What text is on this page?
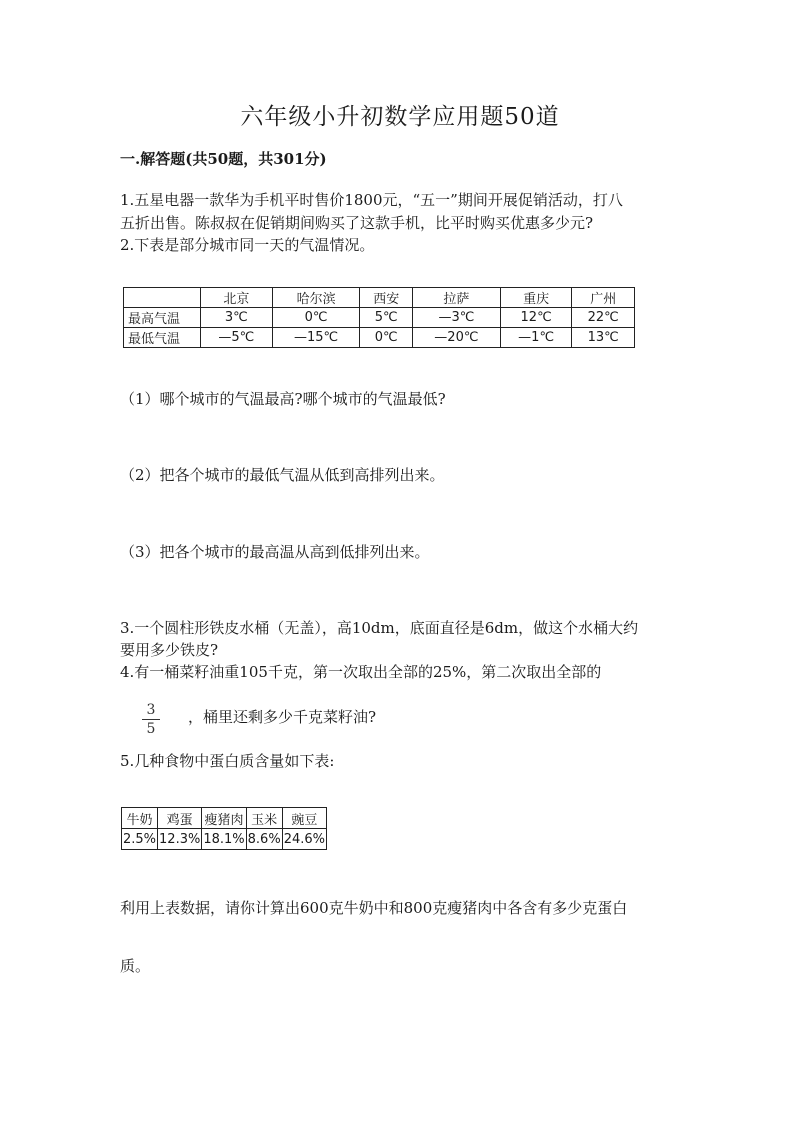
六年级小升初数学应用题50道
一.解答题(共50题，共301分)
1.五星电器一款华为手机平时售价1800元，“五一”期间开展促销活动，打八
五折出售。陈叔叔在促销期间购买了这款手机，比平时购买优惠多少元?
2.下表是部分城市同一天的气温情况。
	北京	哈尔滨	西安	拉萨	重庆	广州
最高气温	3℃	0℃	5℃	—3℃	12℃	22℃
最低气温	—5℃	—15℃	0℃	—20℃	—1℃	13℃
（1）哪个城市的气温最高?哪个城市的气温最低?
（2）把各个城市的最低气温从低到高排列出来。
（3）把各个城市的最高温从高到低排列出来。
3.一个圆柱形铁皮水桶（无盖），高10dm，底面直径是6dm，做这个水桶大约
要用多少铁皮?
4.有一桶菜籽油重105千克，第一次取出全部的25%，第二次取出全部的
3
5
，桶里还剩多少千克菜籽油?
5.几种食物中蛋白质含量如下表:
牛奶	鸡蛋	瘦猪肉	玉米	豌豆
2.5%	12.3%	18.1%	8.6%	24.6%
利用上表数据，请你计算出600克牛奶中和800克瘦猪肉中各含有多少克蛋白
质。
